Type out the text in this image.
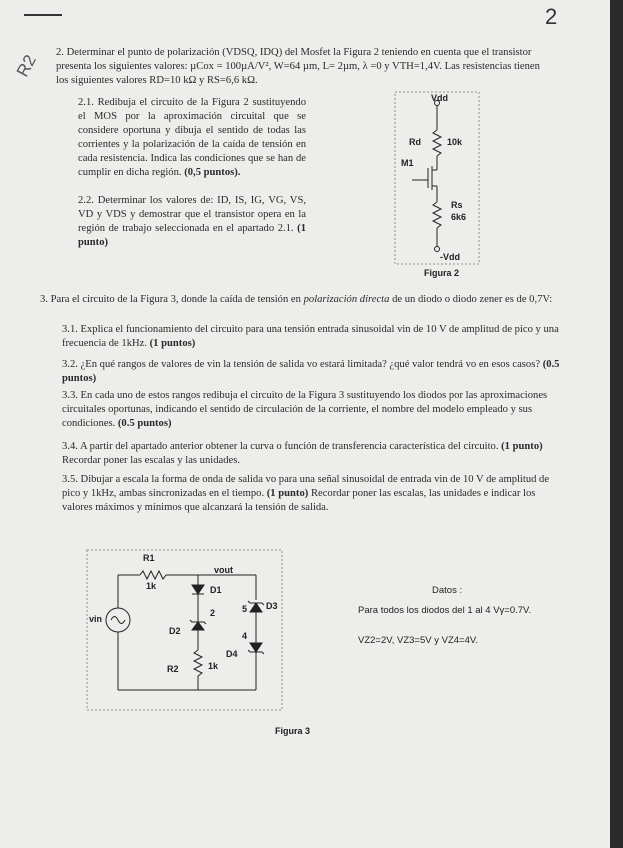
2
R2 2. Determinar el punto de polarización (VDSQ, IDQ) del Mosfet la Figura 2 teniendo en cuenta que el transistor presenta los siguientes valores: µCox = 100µA/V², W=64 µm, L= 2µm, λ =0 y VTH=1,4V. Las resistencias tienen los siguientes valores RD=10 kΩ y RS=6,6 kΩ.
2.1. Redibuja el circuito de la Figura 2 sustituyendo el MOS por la aproximación circuital que se considere oportuna y dibuja el sentido de todas las corrientes y la polarización de la caída de tensión en cada resistencia. Indica las condiciones que se han de cumplir en dicha región. (0,5 puntos).
2.2. Determinar los valores de: ID, IS, IG, VG, VS, VD y VDS y demostrar que el transistor opera en la región de trabajo seleccionada en el apartado 2.1. (1 punto)
Vdd
Rd	10k
M1
Rs
6k6
-Vdd
Figura 2
3. Para el circuito de la Figura 3, donde la caída de tensión en polarización directa de un diodo o diodo zener es de 0,7V:
3.1. Explica el funcionamiento del circuito para una tensión entrada sinusoidal vin de 10 V de amplitud de pico y una frecuencia de 1kHz. (1 puntos)
3.2. ¿En qué rangos de valores de vin la tensión de salida vo estará limitada? ¿qué valor tendrá vo en esos casos? (0.5 puntos)
3.3. En cada uno de estos rangos redibuja el circuito de la Figura 3 sustituyendo los diodos por las aproximaciones circuitales oportunas, indicando el sentido de circulación de la corriente, el nombre del modelo empleado y sus condiciones. (0.5 puntos)
3.4. A partir del apartado anterior obtener la curva o función de transferencia característica del circuito. (1 punto) Recordar poner las escalas y las unidades.
3.5. Dibujar a escala la forma de onda de salida vo para una señal sinusoidal de entrada vin de 10 V de amplitud de pico y 1kHz, ambas sincronizadas en el tiempo. (1 punto) Recordar poner las escalas, las unidades e indicar los valores máximos y mínimos que alcanzará la tensión de salida.
R1
1k
vout
D1
vin
D2
2
D3
5
D4
4
R2	1k
Figura 3
Datos :
Para todos los diodos del 1 al 4 Vγ=0.7V.
VZ2=2V, VZ3=5V y VZ4=4V.
